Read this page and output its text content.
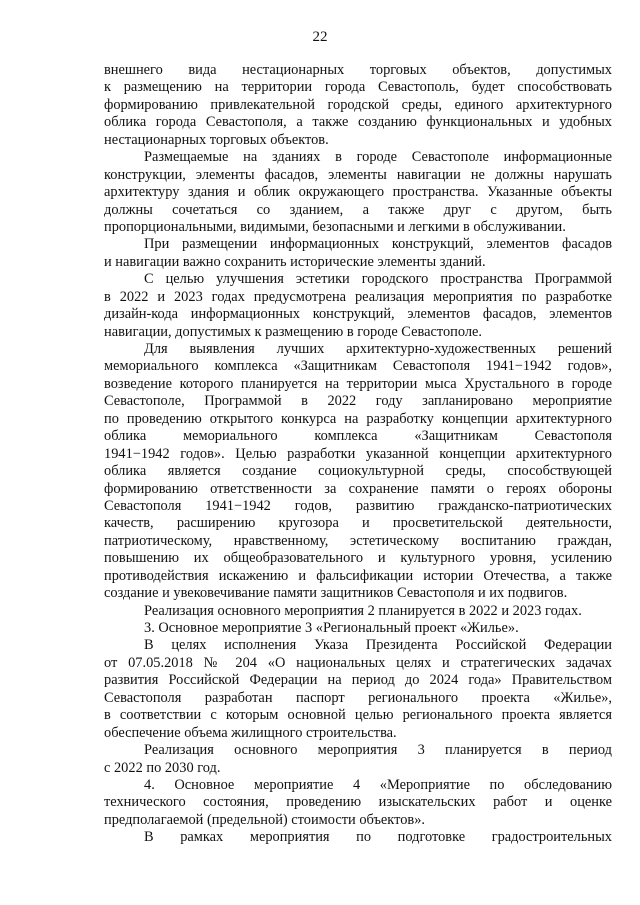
22
внешнего вида нестационарных торговых объектов, допустимых
к размещению на территории города Севастополь, будет способствовать
формированию привлекательной городской среды, единого архитектурного
облика города Севастополя, а также созданию функциональных и удобных
нестационарных торговых объектов.
Размещаемые на зданиях в городе Севастополе информационные
конструкции, элементы фасадов, элементы навигации не должны нарушать
архитектуру здания и облик окружающего пространства. Указанные объекты
должны сочетаться со зданием, а также друг с другом, быть
пропорциональными, видимыми, безопасными и легкими в обслуживании.
При размещении информационных конструкций, элементов фасадов
и навигации важно сохранить исторические элементы зданий.
С целью улучшения эстетики городского пространства Программой
в 2022 и 2023 годах предусмотрена реализация мероприятия по разработке
дизайн-кода информационных конструкций, элементов фасадов, элементов
навигации, допустимых к размещению в городе Севастополе.
Для выявления лучших архитектурно-художественных решений
мемориального комплекса «Защитникам Севастополя 1941−1942 годов»,
возведение которого планируется на территории мыса Хрустального в городе
Севастополе, Программой в 2022 году запланировано мероприятие
по проведению открытого конкурса на разработку концепции архитектурного
облика мемориального комплекса «Защитникам Севастополя
1941−1942 годов». Целью разработки указанной концепции архитектурного
облика является создание социокультурной среды, способствующей
формированию ответственности за сохранение памяти о героях обороны
Севастополя 1941−1942 годов, развитию гражданско-патриотических
качеств, расширению кругозора и просветительской деятельности,
патриотическому, нравственному, эстетическому воспитанию граждан,
повышению их общеобразовательного и культурного уровня, усилению
противодействия искажению и фальсификации истории Отечества, а также
создание и увековечивание памяти защитников Севастополя и их подвигов.
Реализация основного мероприятия 2 планируется в 2022 и 2023 годах.
3. Основное мероприятие 3 «Региональный проект «Жилье».
В целях исполнения Указа Президента Российской Федерации
от 07.05.2018 № 204 «О национальных целях и стратегических задачах
развития Российской Федерации на период до 2024 года» Правительством
Севастополя разработан паспорт регионального проекта «Жилье»,
в соответствии с которым основной целью регионального проекта является
обеспечение объема жилищного строительства.
Реализация основного мероприятия 3 планируется в период
с 2022 по 2030 год.
4. Основное мероприятие 4 «Мероприятие по обследованию
технического состояния, проведению изыскательских работ и оценке
предполагаемой (предельной) стоимости объектов».
В рамках мероприятия по подготовке градостроительных
